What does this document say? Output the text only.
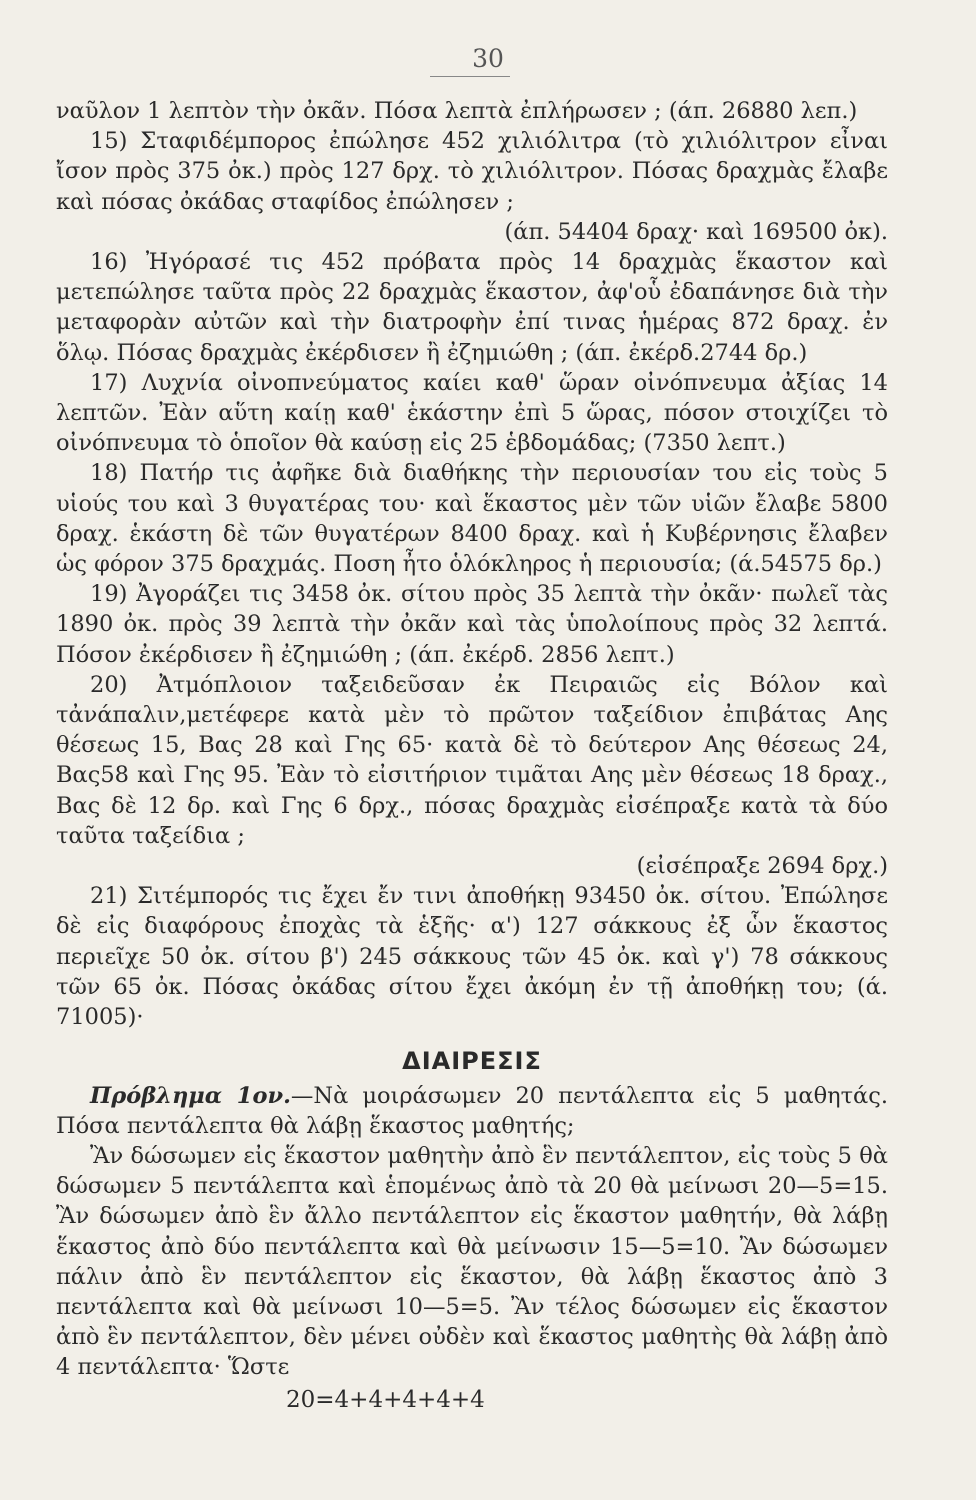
30

ναῦλον 1 λεπτὸν τὴν ὀκᾶν. Πόσα λεπτὰ ἐπλήρωσεν ; (άπ. 26880 λεπ.)

15) Σταφιδέμπορος ἐπώλησε 452 χιλιόλιτρα (τὸ χιλιόλιτρον εἶναι ἴσον πρὸς 375 ὀκ.) πρὸς 127 δρχ. τὸ χιλιόλιτρον. Πόσας δραχμὰς ἔλαβε καὶ πόσας ὀκάδας σταφίδος ἐπώλησεν ;

(άπ. 54404 δραχ· καὶ 169500 ὀκ).

16) Ἠγόρασέ τις 452 πρόβατα πρὸς 14 δραχμὰς ἕκαστον καὶ μετεπώλησε ταῦτα πρὸς 22 δραχμὰς ἕκαστον, ἀφ'οὗ ἐδαπάνησε διὰ τὴν μεταφορὰν αὐτῶν καὶ τὴν διατροφὴν ἐπί τινας ἡμέρας 872 δραχ. ἐν ὅλῳ. Πόσας δραχμὰς ἐκέρδισεν ἢ ἐζημιώθη ; (άπ. ἐκέρδ.2744 δρ.)

17) Λυχνία οἰνοπνεύματος καίει καθ' ὥραν οἰνόπνευμα ἀξίας 14 λεπτῶν. Ἐὰν αὕτη καίῃ καθ' ἑκάστην ἐπὶ 5 ὥρας, πόσον στοιχίζει τὸ οἰνόπνευμα τὸ ὁποῖον θὰ καύσῃ εἰς 25 ἑβδομάδας; (7350 λεπτ.)

18) Πατήρ τις ἀφῆκε διὰ διαθήκης τὴν περιουσίαν του εἰς τοὺς 5 υἱούς του καὶ 3 θυγατέρας του· καὶ ἕκαστος μὲν τῶν υἱῶν ἔλαβε 5800 δραχ. ἑκάστη δὲ τῶν θυγατέρων 8400 δραχ. καὶ ἡ Κυβέρνησις ἔλαβεν ὡς φόρον 375 δραχμάς. Ποση ἦτο ὁλόκληρος ἡ περιουσία; (ά.54575 δρ.)

19) Ἀγοράζει τις 3458 ὀκ. σίτου πρὸς 35 λεπτὰ τὴν ὀκᾶν· πωλεῖ τὰς 1890 ὀκ. πρὸς 39 λεπτὰ τὴν ὀκᾶν καὶ τὰς ὑπολοίπους πρὸς 32 λεπτά. Πόσον ἐκέρδισεν ἢ ἐζημιώθη ; (άπ. ἐκέρδ. 2856 λεπτ.)

20) Ἀτμόπλοιον ταξειδεῦσαν ἐκ Πειραιῶς εἰς Βόλον καὶ τἀνάπαλιν,μετέφερε κατὰ μὲν τὸ πρῶτον ταξείδιον ἐπιβάτας Αης θέσεως 15, Βας 28 καὶ Γης 65· κατὰ δὲ τὸ δεύτερον Αης θέσεως 24, Βας58 καὶ Γης 95. Ἐὰν τὸ εἰσιτήριον τιμᾶται Αης μὲν θέσεως 18 δραχ., Βας δὲ 12 δρ. καὶ Γης 6 δρχ., πόσας δραχμὰς εἰσέπραξε κατὰ τὰ δύο ταῦτα ταξείδια ;

(εἰσέπραξε 2694 δρχ.)

21) Σιτέμπορός τις ἔχει ἔν τινι ἀποθήκῃ 93450 ὀκ. σίτου. Ἐπώλησε δὲ εἰς διαφόρους ἐποχὰς τὰ ἑξῆς· α') 127 σάκκους ἐξ ὧν ἕκαστος περιεῖχε 50 ὀκ. σίτου β') 245 σάκκους τῶν 45 ὀκ. καὶ γ') 78 σάκκους τῶν 65 ὀκ. Πόσας ὀκάδας σίτου ἔχει ἀκόμη ἐν τῇ ἀποθήκῃ του; (ά. 71005)·

ΔΙΑΙΡΕΣΙΣ

Πρόβλημα 1ον.—Νὰ μοιράσωμεν 20 πεντάλεπτα εἰς 5 μαθητάς. Πόσα πεντάλεπτα θὰ λάβῃ ἕκαστος μαθητής;

Ἂν δώσωμεν εἰς ἕκαστον μαθητὴν ἀπὸ ἓν πεντάλεπτον, εἰς τοὺς 5 θὰ δώσωμεν 5 πεντάλεπτα καὶ ἑπομένως ἀπὸ τὰ 20 θὰ μείνωσι 20—5=15. Ἂν δώσωμεν ἀπὸ ἓν ἄλλο πεντάλεπτον εἰς ἕκαστον μαθητήν, θὰ λάβῃ ἕκαστος ἀπὸ δύο πεντάλεπτα καὶ θὰ μείνωσιν 15—5=10. Ἂν δώσωμεν πάλιν ἀπὸ ἓν πεντάλεπτον εἰς ἕκαστον, θὰ λάβῃ ἕκαστος ἀπὸ 3 πεντάλεπτα καὶ θὰ μείνωσι 10—5=5. Ἂν τέλος δώσωμεν εἰς ἕκαστον ἀπὸ ἓν πεντάλεπτον, δὲν μένει οὐδὲν καὶ ἕκαστος μαθητὴς θὰ λάβῃ ἀπὸ 4 πεντάλεπτα· Ὥστε

20=4+4+4+4+4
